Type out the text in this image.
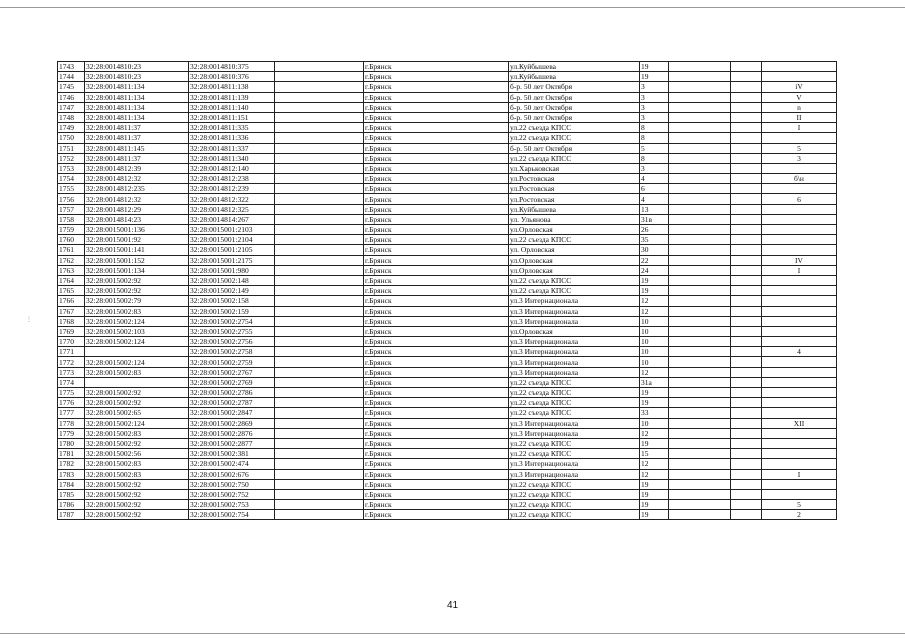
⋮
1743	32:28:0014810:23	32:28:0014810:375		г.Брянск	ул.Куйбышева	19			
1744	32:28:0014810:23	32:28:0014810:376		г.Брянск	ул.Куйбышева	19			
1745	32:28:0014811:134	32:28:0014811:138		г.Брянск	б-р. 50 лет Октября	3			iV
1746	32:28:0014811:134	32:28:0014811:139		г.Брянск	б-р. 50 лет Октября	3			V
1747	32:28:0014811:134	32:28:0014811:140		г.Брянск	б-р. 50 лет Октября	3			n
1748	32:28:0014811:134	32:28:0014811:151		г.Брянск	б-р. 50 лет Октября	3			II
1749	32:28:0014811:37	32:28:0014811:335		г.Брянск	ул.22 съезда КПСС	8			I
1750	32:28:0014811:37	32:28:0014811:336		г.Брянск	ул.22 съезда КПСС	8			
1751	32:28:0014811:145	32:28:0014811:337		г.Брянск	б-р. 50 лет Октября	5			5
1752	32:28:0014811:37	32:28:0014811:340		г.Брянск	ул.22 съезда КПСС	8			3
1753	32:28:0014812:39	32:28:0014812:140		г.Брянск	ул.Харьковская	3			
1754	32:28:0014812:32	32:28:0014812:238		г.Брянск	ул.Ростовская	4			б\н
1755	32:28:0014812:235	32:28:0014812:239		г.Брянск	ул.Ростовская	6			
1756	32:28:0014812:32	32:28:0014812:322		г.Брянск	ул.Ростовская	4			6
1757	32:28:0014812:29	32:28:0014812:325		г.Брянск	ул.Куйбышева	13			
1758	32:28:0014814:23	32:28:0014814:267		г.Брянск	ул. Ульянова	31в			
1759	32:28:0015001:136	32:28:0015001:2103		г.Брянск	ул.Орловская	26			
1760	32:28:0015001:92	32:28:0015001:2104		г.Брянск	ул.22 съезда КПСС	35			
1761	32:28:0015001:141	32:28:0015001:2105		г.Брянск	ул. Орловская	30			
1762	32:28:0015001:152	32:28:0015001:2175		г.Брянск	ул.Орловская	22			IV
1763	32:28:0015001:134	32:28:0015001:980		г.Брянск	ул.Орловская	24			I
1764	32:28:0015002:92	32:28:0015002:148		г.Брянск	ул.22 съезда КПСС	19			
1765	32:28:0015002:92	32:28:0015002:149		г.Брянск	ул.22 съезда КПСС	19			
1766	32:28:0015002:79	32:28:0015002:158		г.Брянск	ул.3 Интернационала	12			
1767	32:28:0015002:83	32:28:0015002:159		г.Брянск	ул.3 Интернационала	12			
1768	32:28:0015002:124	32:28:0015002:2754		г.Брянск	ул.3 Интернационала	10			
1769	32:28:0015002:103	32:28:0015002:2755		г.Брянск	ул.Орловская	10			
1770	32:28:0015002:124	32:28:0015002:2756		г.Брянск	ул.3 Интернационала	10			
1771		32:28:0015002:2758		г.Брянск	ул.3 Интернационала	10			4
1772	32:28:0015002:124	32:28:0015002:2759		г.Брянск	ул.3 Интернационала	10			
1773	32:28:0015002:83	32:28:0015002:2767		г.Брянск	ул.3 Интернационала	12			
1774		32:28:0015002:2769		г.Брянск	ул.22 съезда КПСС	31а			
1775	32:28:0015002:92	32:28:0015002:2786		г.Брянск	ул.22 съезда КПСС	19			
1776	32:28:0015002:92	32:28:0015002:2787		г.Брянск	ул.22 съезда КПСС	19			
1777	32:28:0015002:65	32:28:0015002:2847		г.Брянск	ул.22 съезда КПСС	33			
1778	32:28:0015002:124	32:28:0015002:2869		г.Брянск	ул.3 Интернационала	10			XII
1779	32:28:0015002:83	32:28:0015002:2876		г.Брянск	ул.3 Интернационала	12			
1780	32:28:0015002:92	32:28:0015002:2877		г.Брянск	ул.22 съезда КПСС	19			
1781	32:28:0015002:56	32:28:0015002:381		г.Брянск	ул.22 съезда КПСС	15			
1782	32:28:0015002:83	32:28:0015002:474		г.Брянск	ул.3 Интернационала	12			
1783	32:28:0015002:83	32:28:0015002:676		г.Брянск	ул.3 Интернационала	12			I
1784	32:28:0015002:92	32:28:0015002:750		г.Брянск	ул.22 съезда КПСС	19			
1785	32:28:0015002:92	32:28:0015002:752		г.Брянск	ул.22 съезда КПСС	19			
1786	32:28:0015002:92	32:28:0015002:753		г.Брянск	ул.22 съезда КПСС	19			5
1787	32:28:0015002:92	32:28:0015002:754		г.Брянск	ул.22 съезда КПСС	19			2
41
